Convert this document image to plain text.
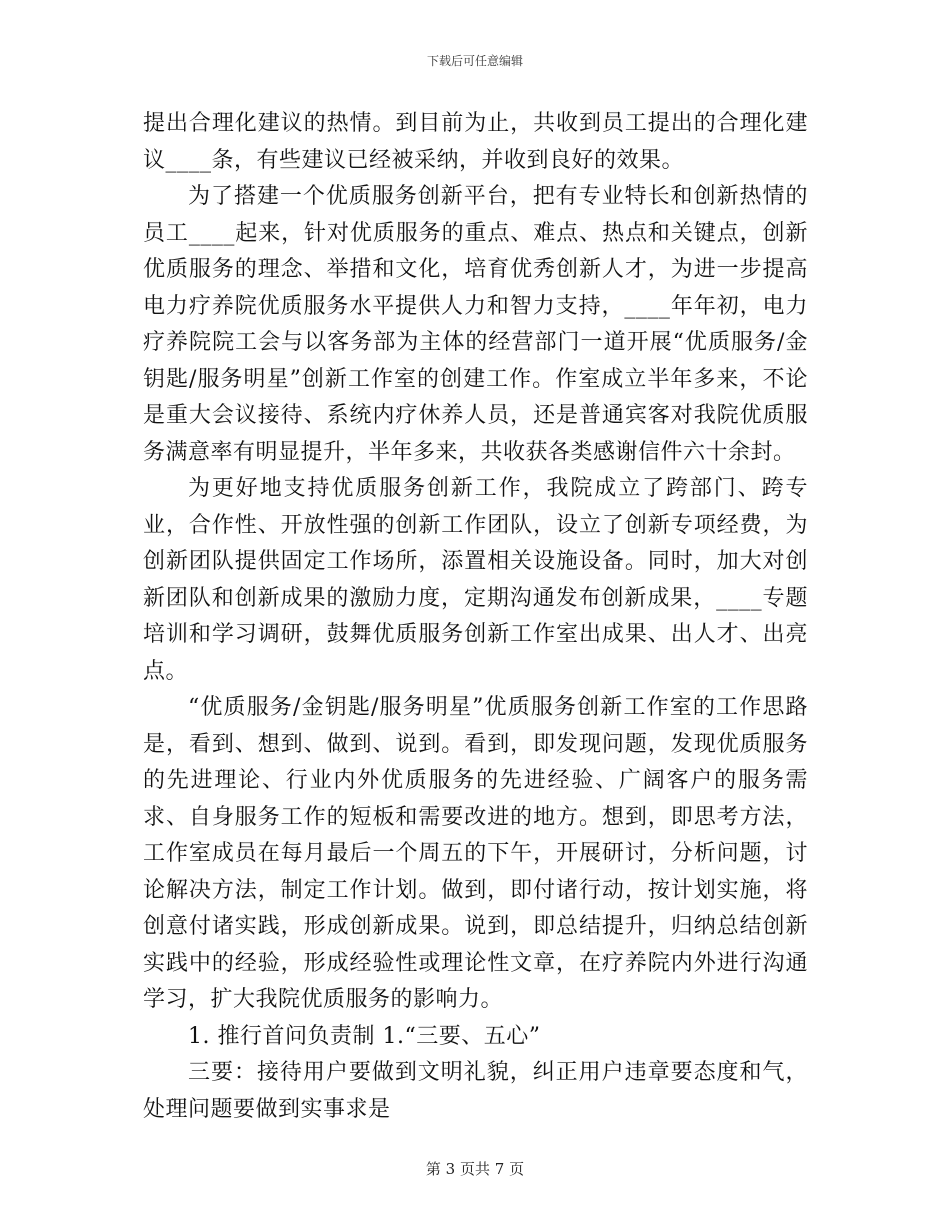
下载后可任意编辑

提出合理化建议的热情。到目前为止，共收到员工提出的合理化建议____条，有些建议已经被采纳，并收到良好的效果。

为了搭建一个优质服务创新平台，把有专业特长和创新热情的员工____起来，针对优质服务的重点、难点、热点和关键点，创新优质服务的理念、举措和文化，培育优秀创新人才，为进一步提高电力疗养院优质服务水平提供人力和智力支持，____年年初，电力疗养院院工会与以客务部为主体的经营部门一道开展“优质服务/金钥匙/服务明星”创新工作室的创建工作。作室成立半年多来，不论是重大会议接待、系统内疗休养人员，还是普通宾客对我院优质服务满意率有明显提升，半年多来，共收获各类感谢信件六十余封。

为更好地支持优质服务创新工作，我院成立了跨部门、跨专业，合作性、开放性强的创新工作团队，设立了创新专项经费，为创新团队提供固定工作场所，添置相关设施设备。同时，加大对创新团队和创新成果的激励力度，定期沟通发布创新成果，____专题培训和学习调研，鼓舞优质服务创新工作室出成果、出人才、出亮点。

“优质服务/金钥匙/服务明星”优质服务创新工作室的工作思路是，看到、想到、做到、说到。看到，即发现问题，发现优质服务的先进理论、行业内外优质服务的先进经验、广阔客户的服务需求、自身服务工作的短板和需要改进的地方。想到，即思考方法，工作室成员在每月最后一个周五的下午，开展研讨，分析问题，讨论解决方法，制定工作计划。做到，即付诸行动，按计划实施，将创意付诸实践，形成创新成果。说到，即总结提升，归纳总结创新实践中的经验，形成经验性或理论性文章，在疗养院内外进行沟通学习，扩大我院优质服务的影响力。

1. 推行首问负责制 1.“三要、五心”

三要：接待用户要做到文明礼貌，纠正用户违章要态度和气，处理问题要做到实事求是

第 3 页共 7 页
